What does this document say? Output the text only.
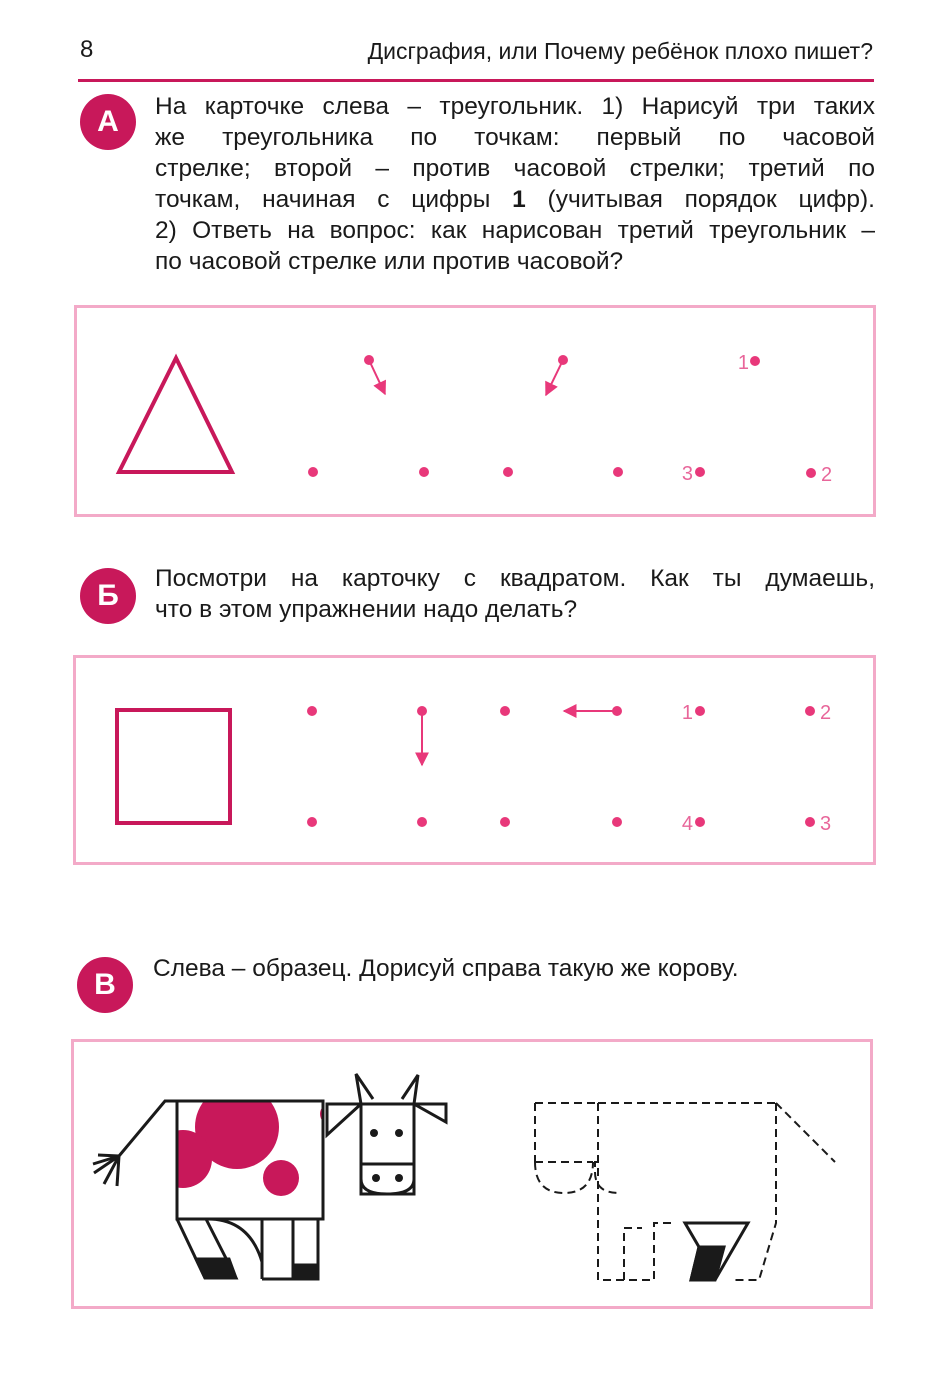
8	Дисграфия, или Почему ребёнок плохо пишет?
А	На карточке слева – треугольник. 1) Нарисуй три таких

же треугольника по точкам: первый по часовой

стрелке; второй – против часовой стрелки; третий по

точкам, начиная с цифры 1 (учитывая порядок цифр).

2) Ответь на вопрос: как нарисован третий треугольник –

по часовой стрелке или против часовой?

1
2
3
Б

Посмотри на карточку с квадратом. Как ты думаешь,

что в этом упражнении надо делать?

1	2
3
4
В	Слева – образец. Дорисуй справа такую же корову.
